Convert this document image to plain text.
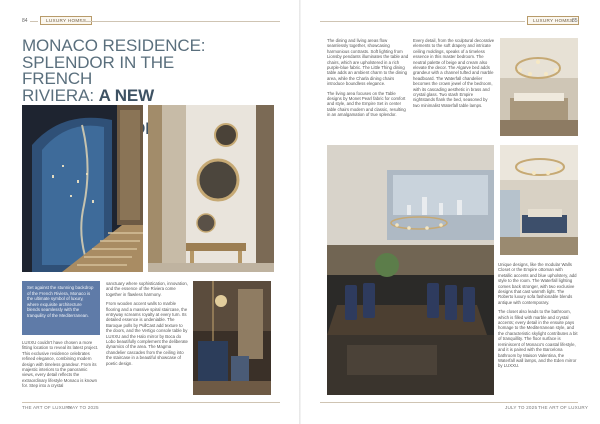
84	LUXURY HOMES	LUXURY HOMES
85
MONACO RESIDENCE:
SPLENDOR IN THE FRENCH
RIVIERA: A NEW
Set against the stunning backdrop of the French Riviera, Monaco is the ultimate symbol of luxury, where exquisite architecture blends seamlessly with the tranquility of the Mediterranean.

LUXXU couldn't have chosen a more fitting location to reveal its latest project. This exclusive residence celebrates refined elegance, combining modern design with timeless grandeur. From its majestic interiors to the panoramic views, every detail reflects the extraordinary lifestyle Monaco is known for. Step into a crystal

sanctuary where sophistication, innovation, and the essence of the Riviera come together in flawless harmony.

From wooden accent walls to marble flooring and a massive spiral staircase, the entryway screams royalty at every turn. Its detailed essence is undeniable. The Baroque polls by PullCast add texture to the doors, and the Vertigo console table by LUXXU and the Halo mirror by Boca do Lobo beautifully complement the deliberate dynamics of the area. The Magma chandelier cascades from the ceiling into the staircase in a beautiful showcase of poetic design.

THE ART OF LUXURY
MAY TO 2025

The dining and living areas flow seamlessly together, showcasing harmonious contrasts. Soft lighting from Lionsby pendants illuminates the table and chairs, which are upholstered in a rich purple-blue fabric. The Little Thing dining table adds an ambient charm to the dining area, while the Charla dining chairs introduce boundless elegance.

The living area focuses on the Table designs by Monet Pearl fabric for comfort and style, and the Empire Set in center table chairs modern and classic, resulting in an amalgamation of true splendor.

Every detail, from the sculptural decorative elements to the soft drapery and intricate ceiling moldings, speaks of a timeless essence in this master bedroom. The neutral palette of beige and cream also elevate the decor. The Algarve bed adds grandeur with a channel tufted and marble headboard. The Waterfall chandelier becomes the crown jewel of the bedroom, with its cascading aesthetic in brass and crystal glass. Two stash Empire nightstands flank the bed, seasoned by two minimalist Waterfall table lamps.

Unique designs, like the modular Walls Closet or the Empire ottoman with metallic accents and blue upholstery, add style to the room. The Waterfall lighting comes back stronger, with two exclusive designs that cast warmth light. The Roberto luxury sofa fashionable blends antique with contemporary.

The closet also leads to the bathroom, which is filled with marble and crystal accents; every detail in the ensuite pays homage to the Mediterranean style, and the characteristic skylight contributes a bit of tranquillity. The floor surface is reminiscent of Monaco's coastal lifestyle, and it is paired with the Barcelona bathroom by Maison Valentina, the Waterfall wall lamps, and the Eden mirror by LUXXU.

JULY TO 2025 THE ART OF LUXURY
